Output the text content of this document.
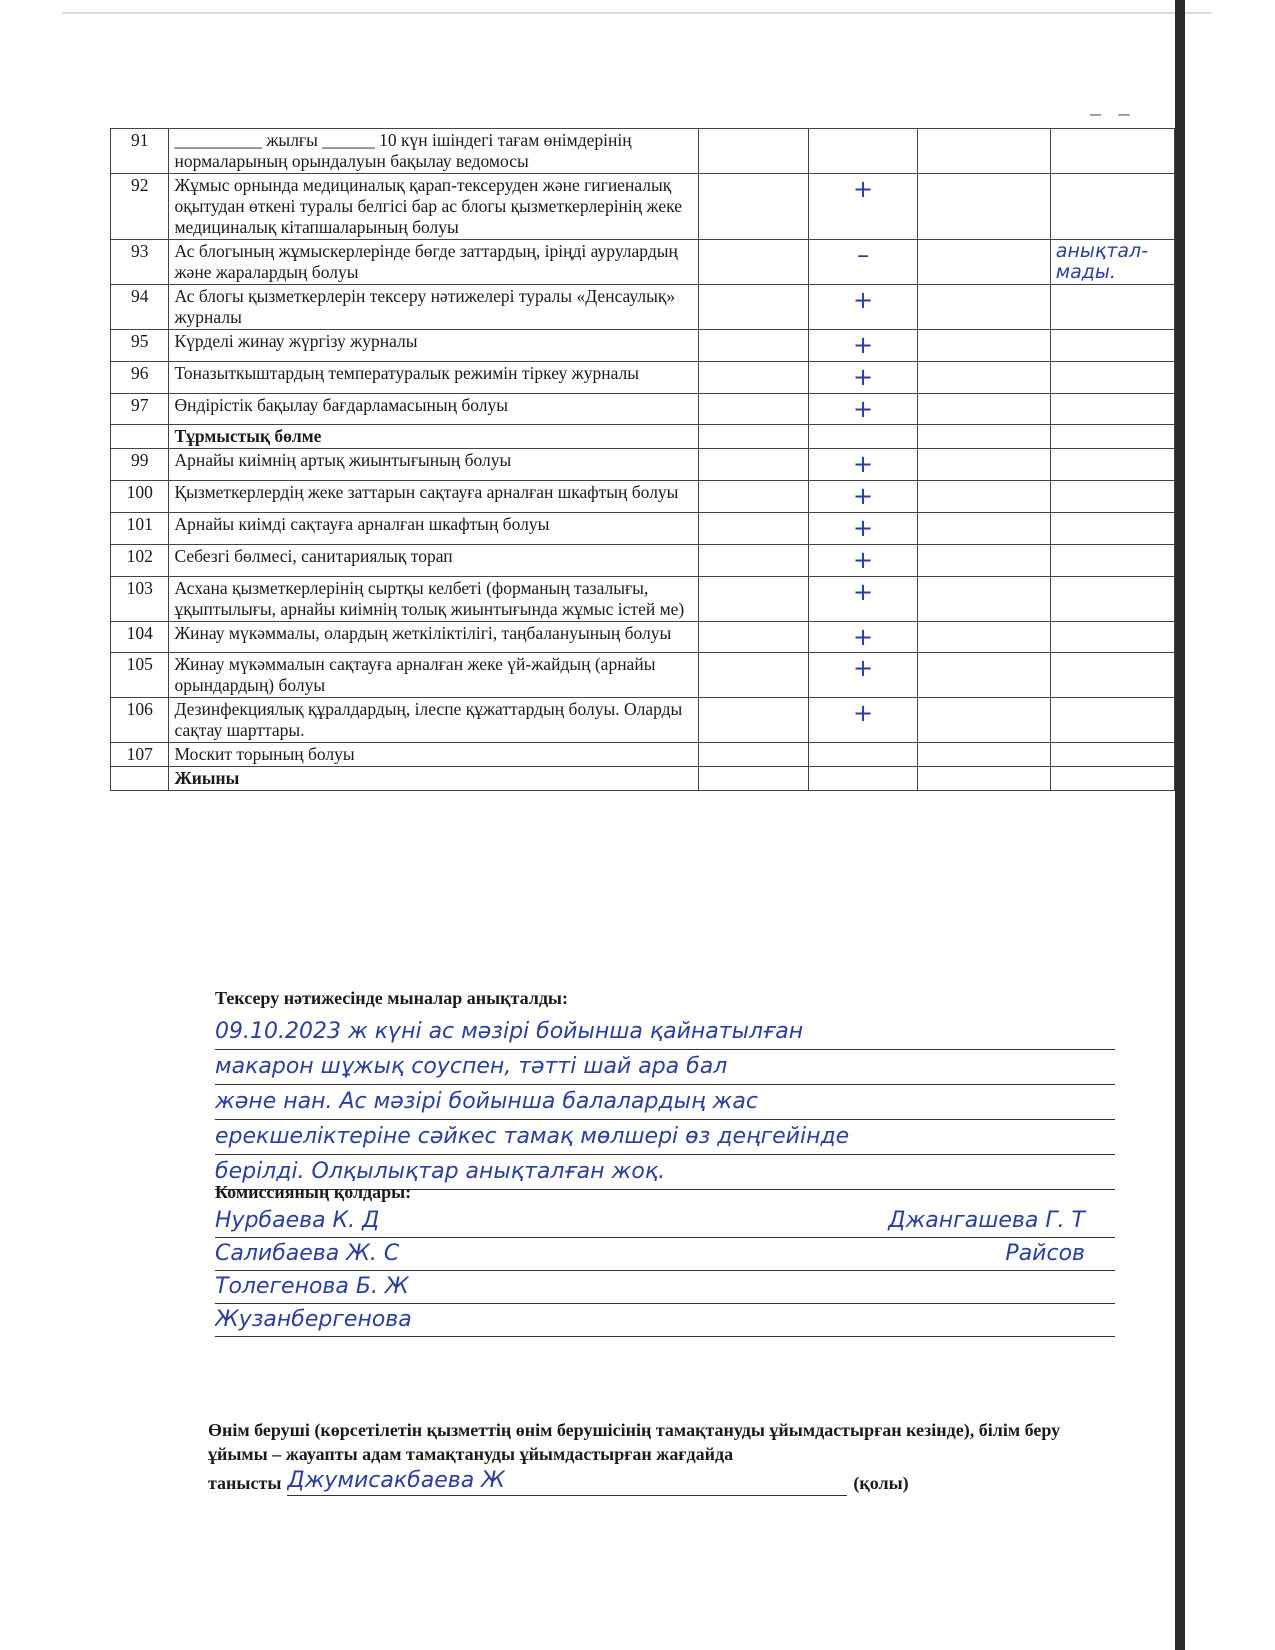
– –
91	__________ жылғы ______ 10 күн ішіндегі тағам өнімдерінің нормаларының орындалуын бақылау ведомосы				
92	Жұмыс орнында медициналық қарап-тексеруден және гигиеналық оқытудан өткені туралы белгісі бар ас блогы қызметкерлерінің жеке медициналық кітапшаларының болуы		+		
93	Ас блогының жұмыскерлерінде бөгде заттардың, іріңді аурулардың және жаралардың болуы		–		анықтал-мады.
94	Ас блогы қызметкерлерін тексеру нәтижелері туралы «Денсаулық» журналы		+		
95	Күрделі жинау жүргізу журналы		+		
96	Тоназыткыштардың температуралык режимін тіркеу журналы		+		
97	Өндірістік бақылау бағдарламасының болуы		+		
	Тұрмыстық бөлме				
99	Арнайы киімнің артық жиынтығының болуы		+		
100	Қызметкерлердің жеке заттарын сақтауға арналған шкафтың болуы		+		
101	Арнайы киімді сақтауға арналған шкафтың болуы		+		
102	Себезгі бөлмесі, санитариялық торап		+		
103	Асхана қызметкерлерінің сыртқы келбеті (форманың тазалығы, ұқыптылығы, арнайы киімнің толық жиынтығында жұмыс істей ме)		+		
104	Жинау мүкәммалы, олардың жеткіліктілігі, таңбалануының болуы		+		
105	Жинау мүкәммалын сақтауға арналған жеке үй-жайдың (арнайы орындардың) болуы		+		
106	Дезинфекциялық құралдардың, ілеспе құжаттардың болуы. Оларды сақтау шарттары.		+		
107	Москит торының болуы				
	Жиыны				
Тексеру нәтижесінде мыналар анықталды:
09.10.2023 ж күні ас мәзірі бойынша қайнатылған
макарон шұжық соуспен, тәтті шай ара бал
және нан. Ас мәзірі бойынша балалардың жас
ерекшеліктеріне сәйкес тамақ мөлшері өз деңгейінде
берілді. Олқылықтар анықталған жоқ.
Комиссияның қолдары:
Нурбаева К. Д	Джангашева Г. Т
Салибаева Ж. С	Райсов
Толегенова Б. Ж
Жузанбергенова
Өнім беруші (көрсетілетін қызметтің өнім берушісінің тамақтануды ұйымдастырған кезінде), білім беру ұйымы – жауапты адам тамақтануды ұйымдастырған жағдайда
танысты Джумисакбаева Ж	(қолы)
